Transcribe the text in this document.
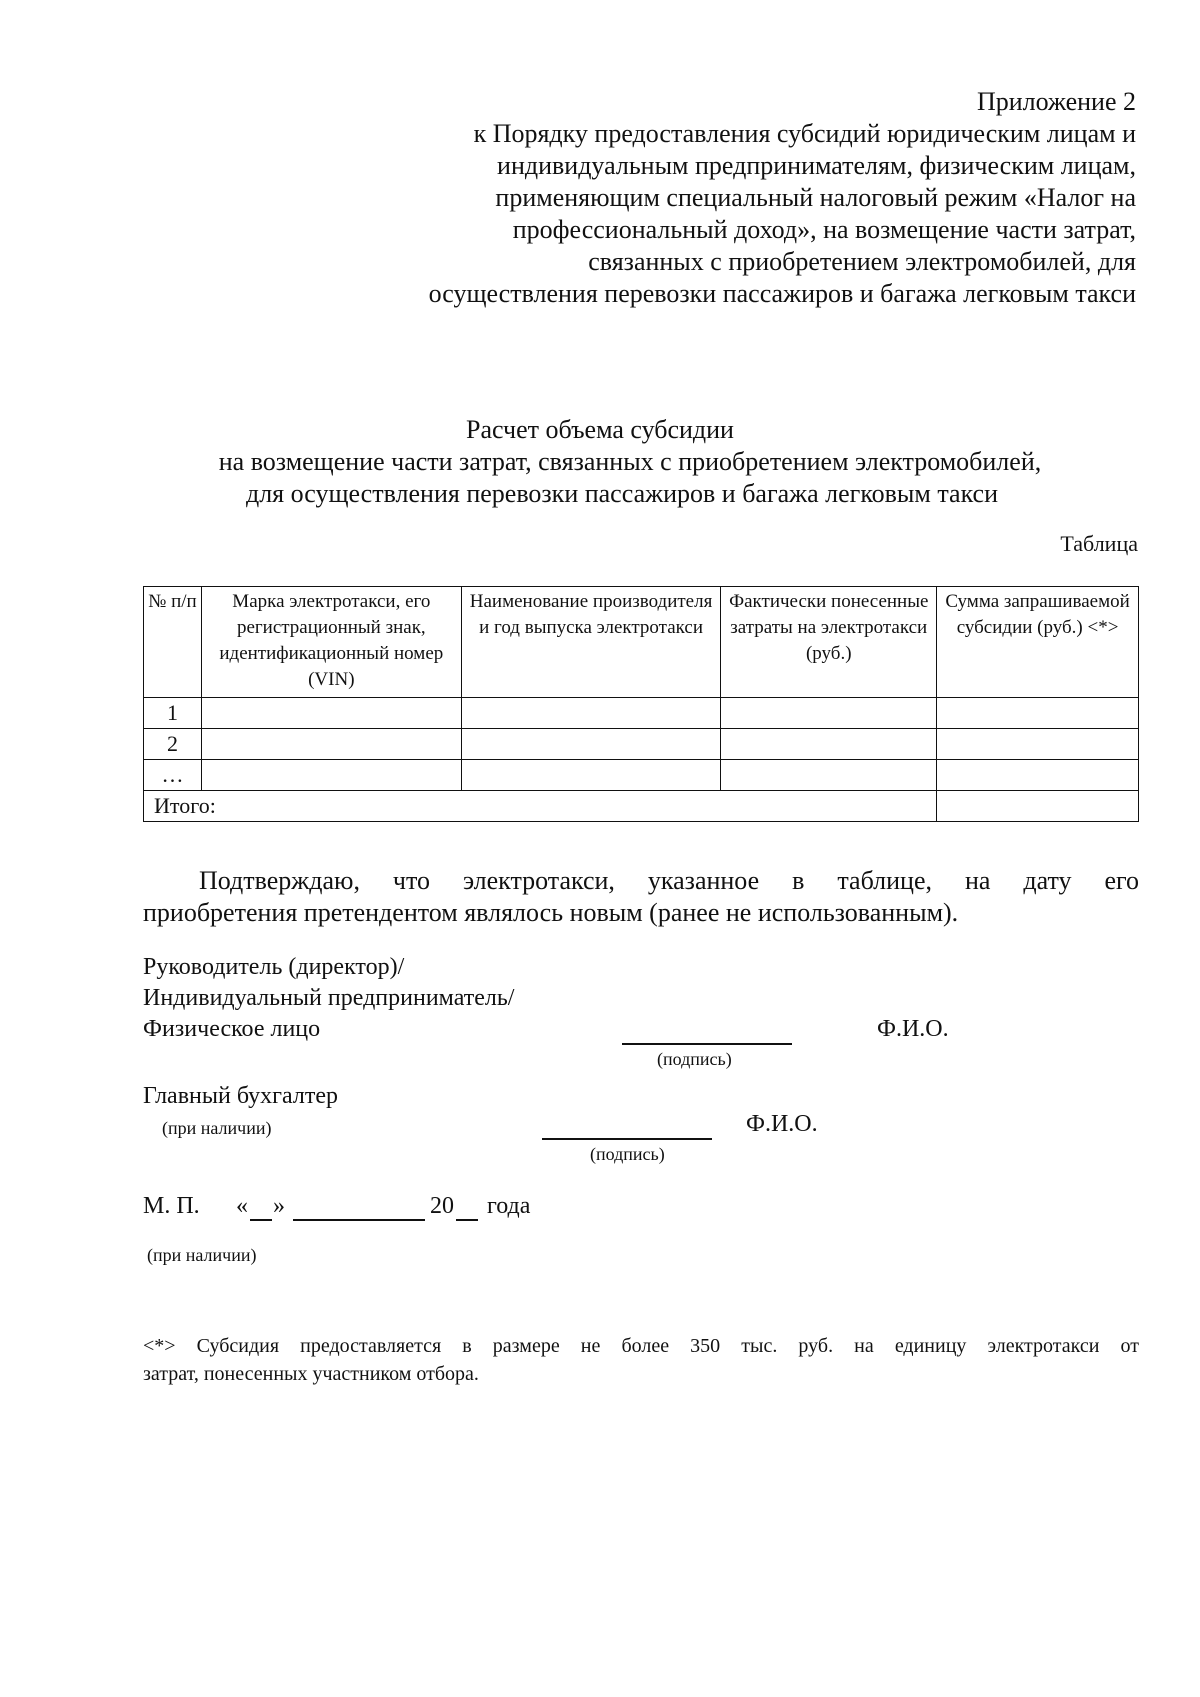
Приложение 2
к Порядку предоставления субсидий юридическим лицам и
индивидуальным предпринимателям, физическим лицам,
применяющим специальный налоговый режим «Налог на
профессиональный доход», на возмещение части затрат,
связанных с приобретением электромобилей, для
осуществления перевозки пассажиров и багажа легковым такси
Расчет объема субсидии
на возмещение части затрат, связанных с приобретением электромобилей,
для осуществления перевозки пассажиров и багажа легковым такси
Таблица
№ п/п	Марка электротакси, его регистрационный знак, идентификационный номер (VIN)	Наименование производителя и год выпуска электротакси	Фактически понесенные затраты на электротакси (руб.)	Сумма запрашиваемой субсидии (руб.) <*>
1				
2				
…				
Итого:				
Подтверждаю, что электротакси, указанное в таблице, на дату его
приобретения претендентом являлось новым (ранее не использованным).
Руководитель (директор)/
Индивидуальный предприниматель/
Физическое лицо
(подпись)
Ф.И.О.
Главный бухгалтер
(при наличии)
(подпись)
Ф.И.О.
М. П. « »	20 года
(при наличии)
<*> Субсидия предоставляется в размере не более 350 тыс. руб. на единицу электротакси от
затрат, понесенных участником отбора.
